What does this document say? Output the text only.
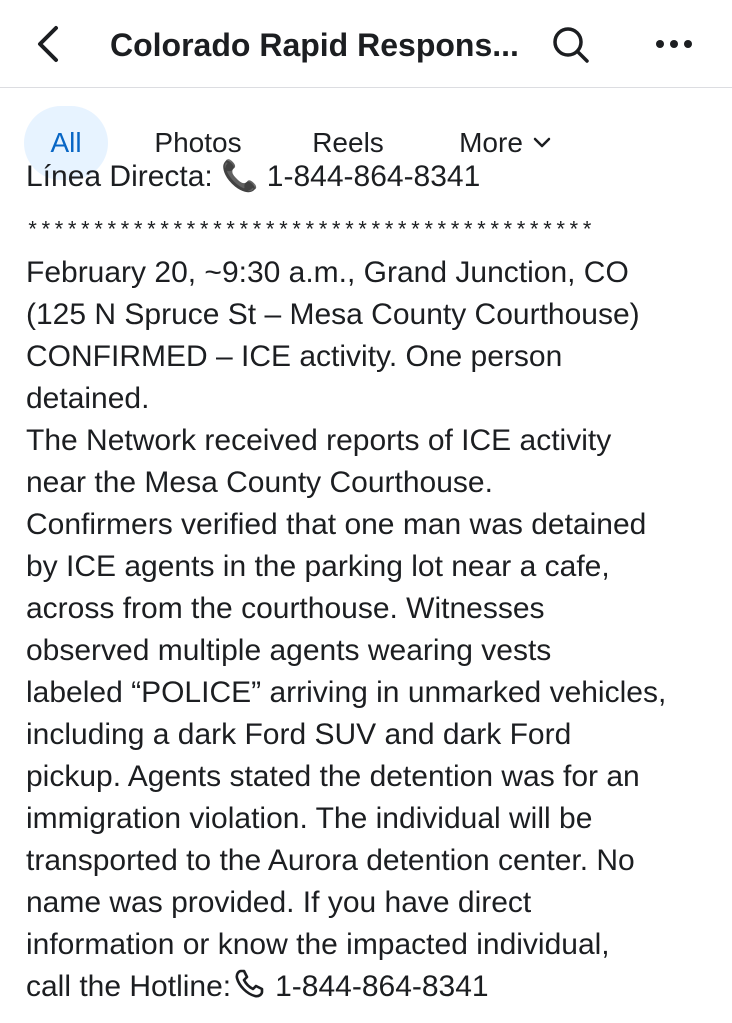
Colorado Rapid Respons...
All	Photos	Reels	More
Línea Directa: 📞 1-844-864-8341
*******************************************
February 20, ~9:30 a.m., Grand Junction, CO
(125 N Spruce St – Mesa County Courthouse)
CONFIRMED – ICE activity. One person
detained.
The Network received reports of ICE activity
near the Mesa County Courthouse.
Confirmers verified that one man was detained
by ICE agents in the parking lot near a cafe,
across from the courthouse. Witnesses
observed multiple agents wearing vests
labeled “POLICE” arriving in unmarked vehicles,
including a dark Ford SUV and dark Ford
pickup. Agents stated the detention was for an
immigration violation. The individual will be
transported to the Aurora detention center. No
name was provided. If you have direct
information or know the impacted individual,
call the Hotline: 1-844-864-8341
